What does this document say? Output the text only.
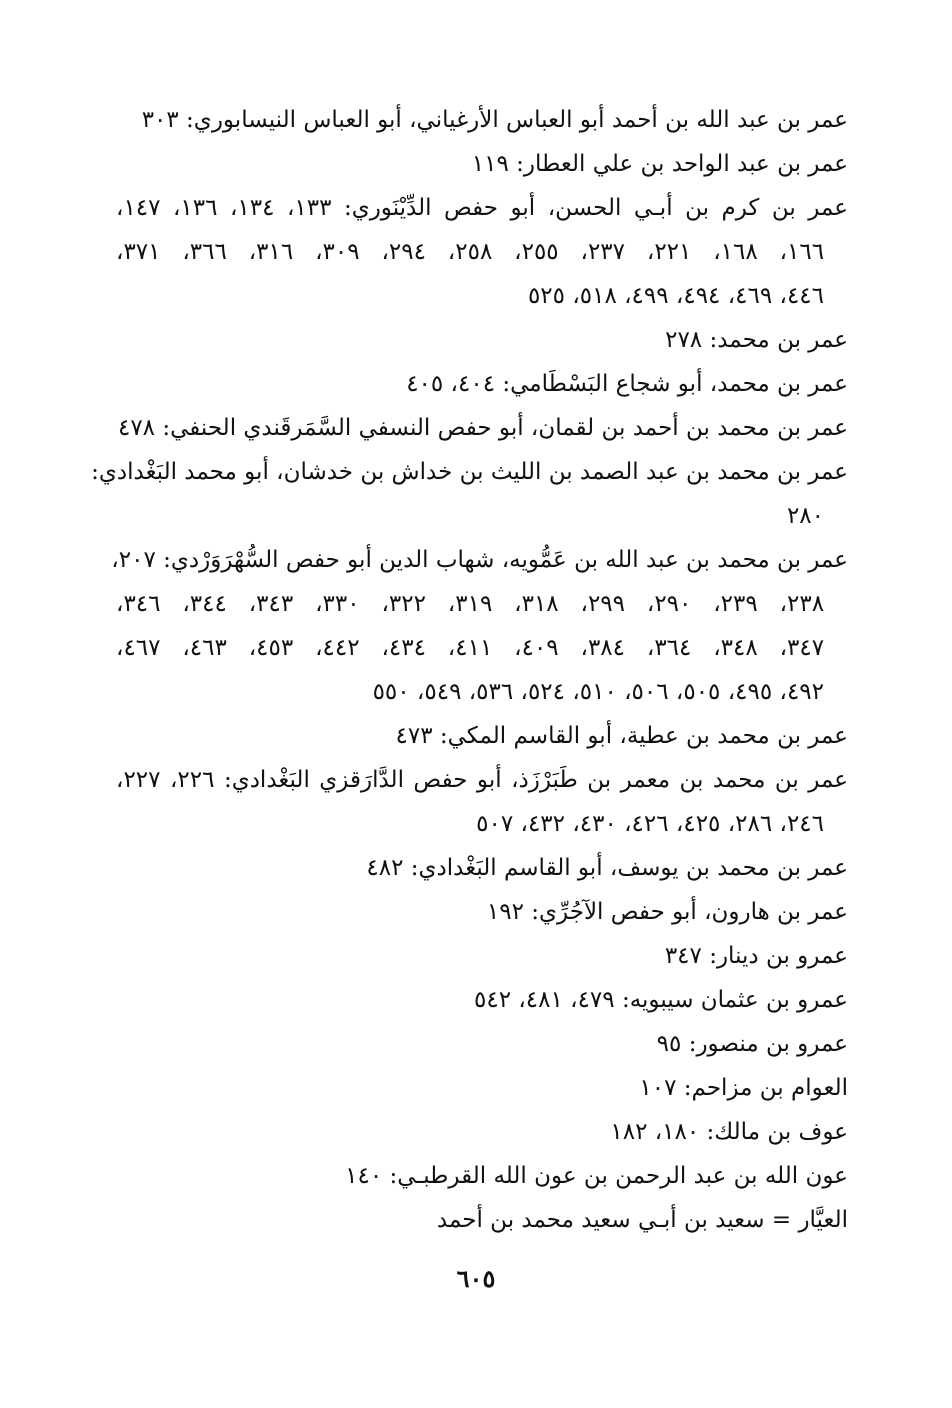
عمر بن عبد الله بن أحمد أبو العباس الأرغياني، أبو العباس النيسابوري: ٣٠٣
عمر بن عبد الواحد بن علي العطار: ١١٩
عمر بن كرم بن أبـي الحسن، أبو حفص الدِّيْنَوري: ١٣٣، ١٣٤، ١٣٦، ١٤٧،
١٦٦، ١٦٨، ٢٢١، ٢٣٧، ٢٥٥، ٢٥٨، ٢٩٤، ٣٠٩، ٣١٦، ٣٦٦، ٣٧١،
٤٤٦، ٤٦٩، ٤٩٤، ٤٩٩، ٥١٨، ٥٢٥
عمر بن محمد: ٢٧٨
عمر بن محمد، أبو شجاع البَسْطَامي: ٤٠٤، ٤٠٥
عمر بن محمد بن أحمد بن لقمان، أبو حفص النسفي السَّمَرقَندي الحنفي: ٤٧٨
عمر بن محمد بن عبد الصمد بن الليث بن خداش بن خدشان، أبو محمد البَغْدادي:
٢٨٠
عمر بن محمد بن عبد الله بن عَمُّويه، شهاب الدين أبو حفص السُّهْرَوَرْدي: ٢٠٧،
٢٣٨، ٢٣٩، ٢٩٠، ٢٩٩، ٣١٨، ٣١٩، ٣٢٢، ٣٣٠، ٣٤٣، ٣٤٤، ٣٤٦،
٣٤٧، ٣٤٨، ٣٦٤، ٣٨٤، ٤٠٩، ٤١١، ٤٣٤، ٤٤٢، ٤٥٣، ٤٦٣، ٤٦٧،
٤٩٢، ٤٩٥، ٥٠٥، ٥٠٦، ٥١٠، ٥٢٤، ٥٣٦، ٥٤٩، ٥٥٠
عمر بن محمد بن عطية، أبو القاسم المكي: ٤٧٣
عمر بن محمد بن معمر بن طَبَرْزَذ، أبو حفص الدَّارَقزي البَغْدادي: ٢٢٦، ٢٢٧،
٢٤٦، ٢٨٦، ٤٢٥، ٤٢٦، ٤٣٠، ٤٣٢، ٥٠٧
عمر بن محمد بن يوسف، أبو القاسم البَغْدادي: ٤٨٢
عمر بن هارون، أبو حفص الآجُرِّي: ١٩٢
عمرو بن دينار: ٣٤٧
عمرو بن عثمان سيبويه: ٤٧٩، ٤٨١، ٥٤٢
عمرو بن منصور: ٩٥
العوام بن مزاحم: ١٠٧
عوف بن مالك: ١٨٠، ١٨٢
عون الله بن عبد الرحمن بن عون الله القرطبـي: ١٤٠
العيَّار = سعيد بن أبـي سعيد محمد بن أحمد
٦٠٥
